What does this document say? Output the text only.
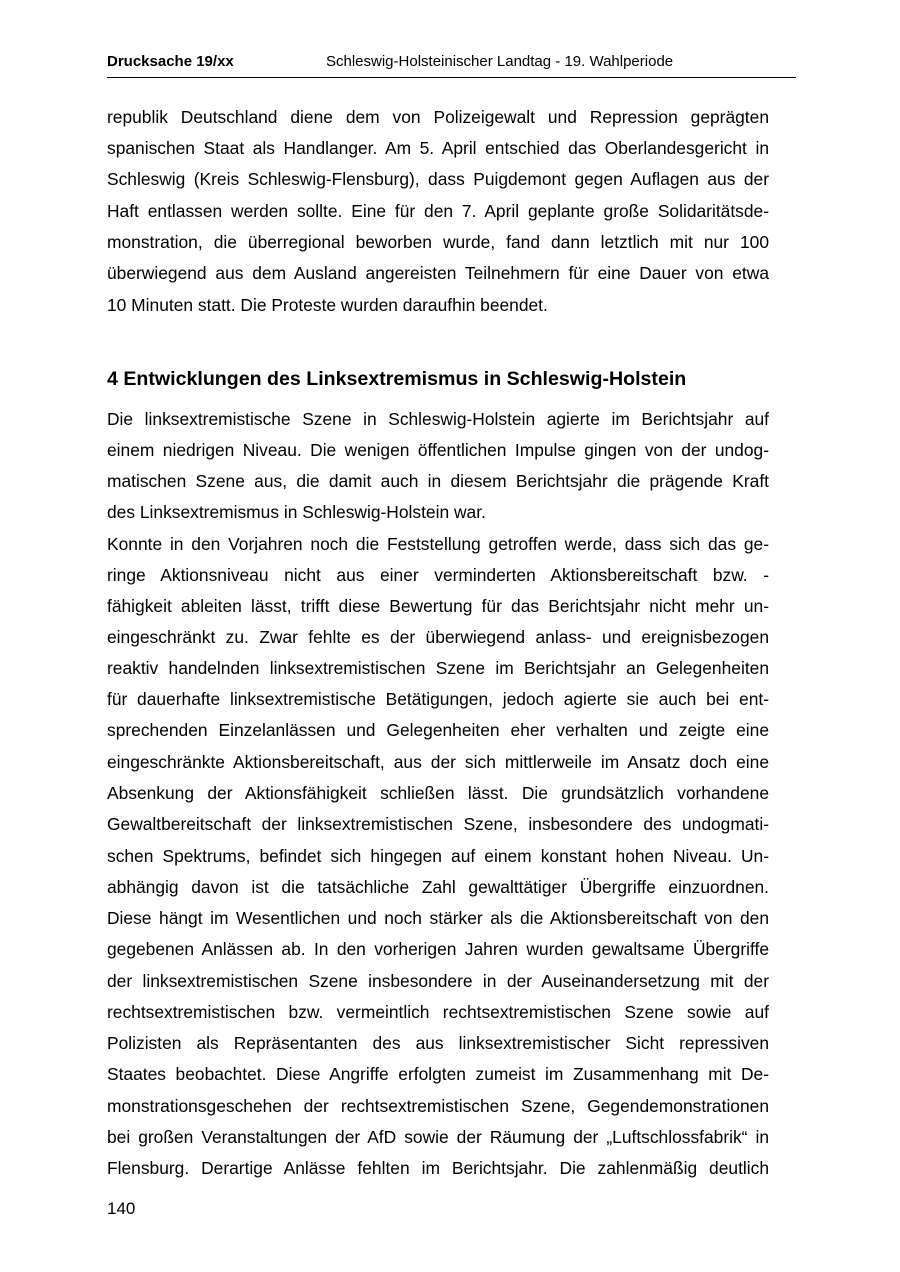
Drucksache 19/xx	Schleswig-Holsteinischer Landtag - 19. Wahlperiode
republik Deutschland diene dem von Polizeigewalt und Repression geprägten
spanischen Staat als Handlanger. Am 5. April entschied das Oberlandesgericht in
Schleswig (Kreis Schleswig-Flensburg), dass Puigdemont gegen Auflagen aus der
Haft entlassen werden sollte. Eine für den 7. April geplante große Solidaritätsde-
monstration, die überregional beworben wurde, fand dann letztlich mit nur 100
überwiegend aus dem Ausland angereisten Teilnehmern für eine Dauer von etwa
10 Minuten statt. Die Proteste wurden daraufhin beendet.
4 Entwicklungen des Linksextremismus in Schleswig-Holstein
Die linksextremistische Szene in Schleswig-Holstein agierte im Berichtsjahr auf
einem niedrigen Niveau. Die wenigen öffentlichen Impulse gingen von der undog-
matischen Szene aus, die damit auch in diesem Berichtsjahr die prägende Kraft
des Linksextremismus in Schleswig-Holstein war.
Konnte in den Vorjahren noch die Feststellung getroffen werde, dass sich das ge-
ringe Aktionsniveau nicht aus einer verminderten Aktionsbereitschaft bzw. -
fähigkeit ableiten lässt, trifft diese Bewertung für das Berichtsjahr nicht mehr un-
eingeschränkt zu. Zwar fehlte es der überwiegend anlass- und ereignisbezogen
reaktiv handelnden linksextremistischen Szene im Berichtsjahr an Gelegenheiten
für dauerhafte linksextremistische Betätigungen, jedoch agierte sie auch bei ent-
sprechenden Einzelanlässen und Gelegenheiten eher verhalten und zeigte eine
eingeschränkte Aktionsbereitschaft, aus der sich mittlerweile im Ansatz doch eine
Absenkung der Aktionsfähigkeit schließen lässt. Die grundsätzlich vorhandene
Gewaltbereitschaft der linksextremistischen Szene, insbesondere des undogmati-
schen Spektrums, befindet sich hingegen auf einem konstant hohen Niveau. Un-
abhängig davon ist die tatsächliche Zahl gewalttätiger Übergriffe einzuordnen.
Diese hängt im Wesentlichen und noch stärker als die Aktionsbereitschaft von den
gegebenen Anlässen ab. In den vorherigen Jahren wurden gewaltsame Übergriffe
der linksextremistischen Szene insbesondere in der Auseinandersetzung mit der
rechtsextremistischen bzw. vermeintlich rechtsextremistischen Szene sowie auf
Polizisten als Repräsentanten des aus linksextremistischer Sicht repressiven
Staates beobachtet. Diese Angriffe erfolgten zumeist im Zusammenhang mit De-
monstrationsgeschehen der rechtsextremistischen Szene, Gegendemonstrationen
bei großen Veranstaltungen der AfD sowie der Räumung der „Luftschlossfabrik“ in
Flensburg. Derartige Anlässe fehlten im Berichtsjahr. Die zahlenmäßig deutlich
140
